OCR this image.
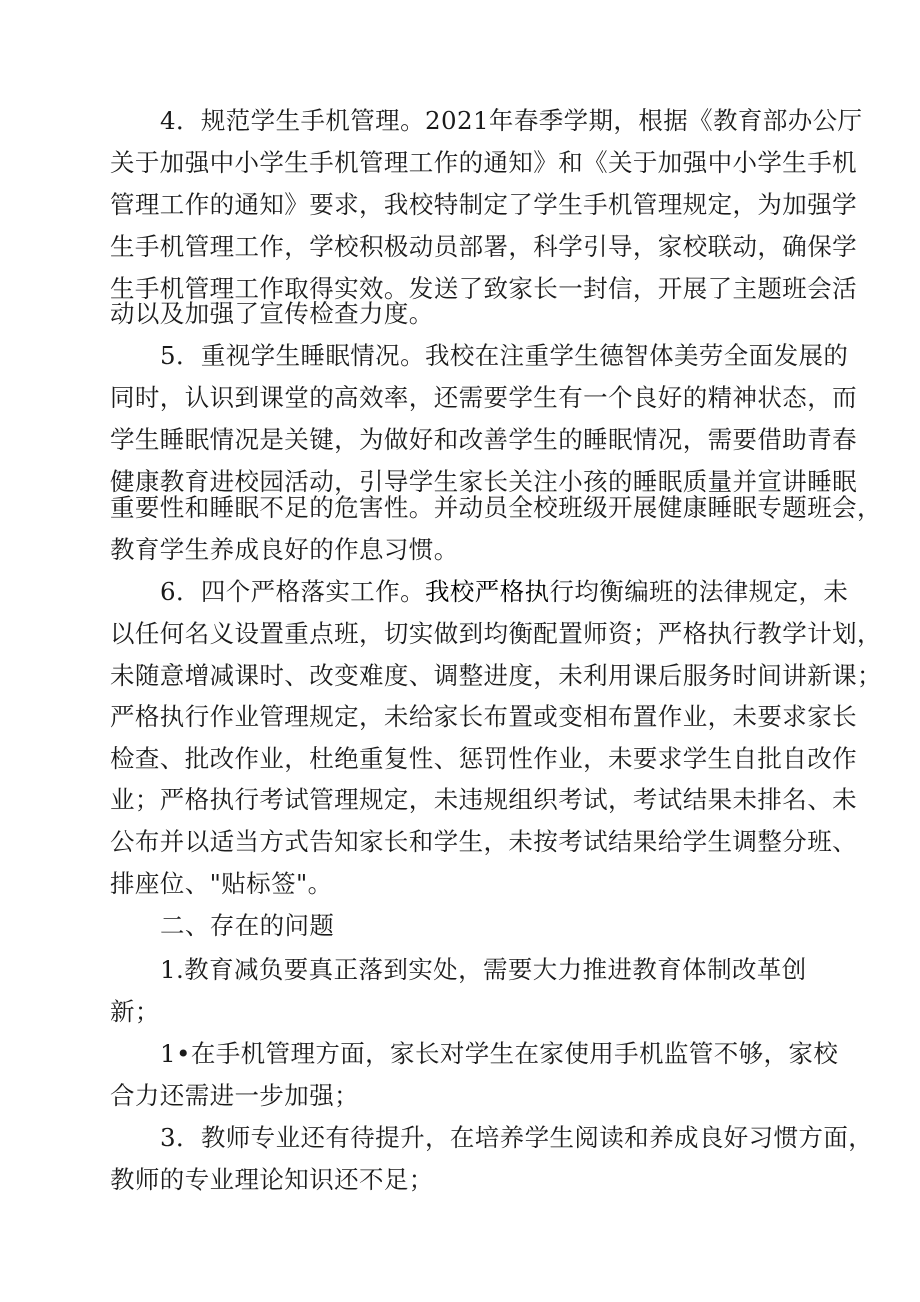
4．规范学生手机管理。2021年春季学期，根据《教育部办公厅

关于加强中小学生手机管理工作的通知》和《关于加强中小学生手机

管理工作的通知》要求，我校特制定了学生手机管理规定，为加强学

生手机管理工作，学校积极动员部署，科学引导，家校联动，确保学

生手机管理工作取得实效。发送了致家长一封信，开展了主题班会活

动以及加强了宣传检查力度。

5．重视学生睡眠情况。我校在注重学生德智体美劳全面发展的

同时，认识到课堂的高效率，还需要学生有一个良好的精神状态，而

学生睡眠情况是关键，为做好和改善学生的睡眠情况，需要借助青春

健康教育进校园活动，引导学生家长关注小孩的睡眠质量并宣讲睡眠

重要性和睡眠不足的危害性。并动员全校班级开展健康睡眠专题班会，

教育学生养成良好的作息习惯。

6．四个严格落实工作。我校严格执行均衡编班的法律规定，未

以任何名义设置重点班，切实做到均衡配置师资；严格执行教学计划，

未随意增减课时、改变难度、调整进度，未利用课后服务时间讲新课；

严格执行作业管理规定，未给家长布置或变相布置作业，未要求家长

检查、批改作业，杜绝重复性、惩罚性作业，未要求学生自批自改作

业；严格执行考试管理规定，未违规组织考试，考试结果未排名、未

公布并以适当方式告知家长和学生，未按考试结果给学生调整分班、

排座位、"贴标签"。

二、存在的问题

1.教育减负要真正落到实处，需要大力推进教育体制改革创

新；

1•在手机管理方面，家长对学生在家使用手机监管不够，家校

合力还需进一步加强；

3．教师专业还有待提升，在培养学生阅读和养成良好习惯方面，

教师的专业理论知识还不足；
